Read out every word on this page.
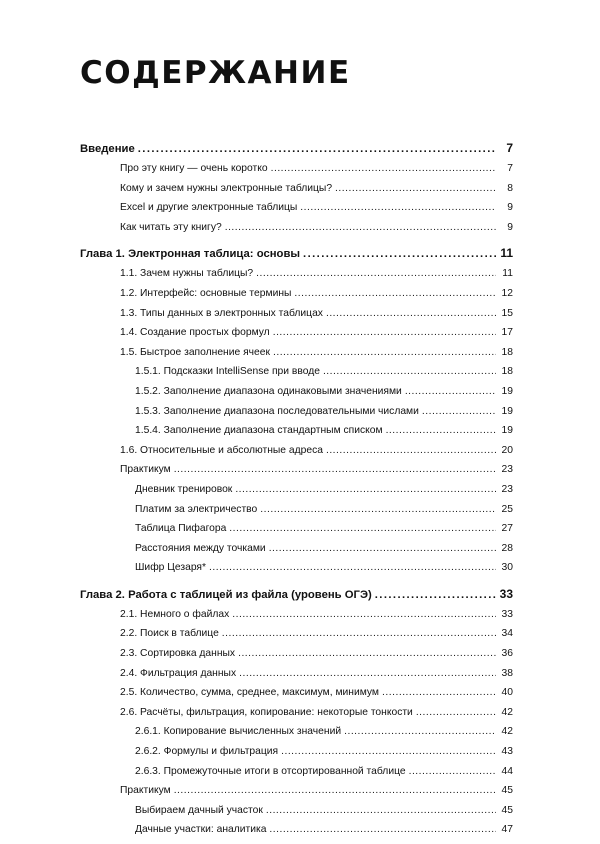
СОДЕРЖАНИЕ
Введение .....	7
Про эту книгу — очень коротко .....	7
Кому и зачем нужны электронные таблицы? .....	8
Excel и другие электронные таблицы .....	9
Как читать эту книгу? .....	9
Глава 1. Электронная таблица: основы .....	11
1.1. Зачем нужны таблицы? .....	11
1.2. Интерфейс: основные термины .....	12
1.3. Типы данных в электронных таблицах .....	15
1.4. Создание простых формул .....	17
1.5. Быстрое заполнение ячеек .....	18
1.5.1. Подсказки IntelliSense при вводе .....	18
1.5.2. Заполнение диапазона одинаковыми значениями .....	19
1.5.3. Заполнение диапазона последовательными числами .....	19
1.5.4. Заполнение диапазона стандартным списком .....	19
1.6. Относительные и абсолютные адреса .....	20
Практикум .....	23
Дневник тренировок .....	23
Платим за электричество .....	25
Таблица Пифагора .....	27
Расстояния между точками .....	28
Шифр Цезаря* .....	30
Глава 2. Работа с таблицей из файла (уровень ОГЭ) .....	33
2.1. Немного о файлах .....	33
2.2. Поиск в таблице .....	34
2.3. Сортировка данных .....	36
2.4. Фильтрация данных .....	38
2.5. Количество, сумма, среднее, максимум, минимум .....	40
2.6. Расчёты, фильтрация, копирование: некоторые тонкости .....	42
2.6.1. Копирование вычисленных значений .....	42
2.6.2. Формулы и фильтрация .....	43
2.6.3. Промежуточные итоги в отсортированной таблице .....	44
Практикум .....	45
Выбираем дачный участок .....	45
Дачные участки: аналитика .....	47
